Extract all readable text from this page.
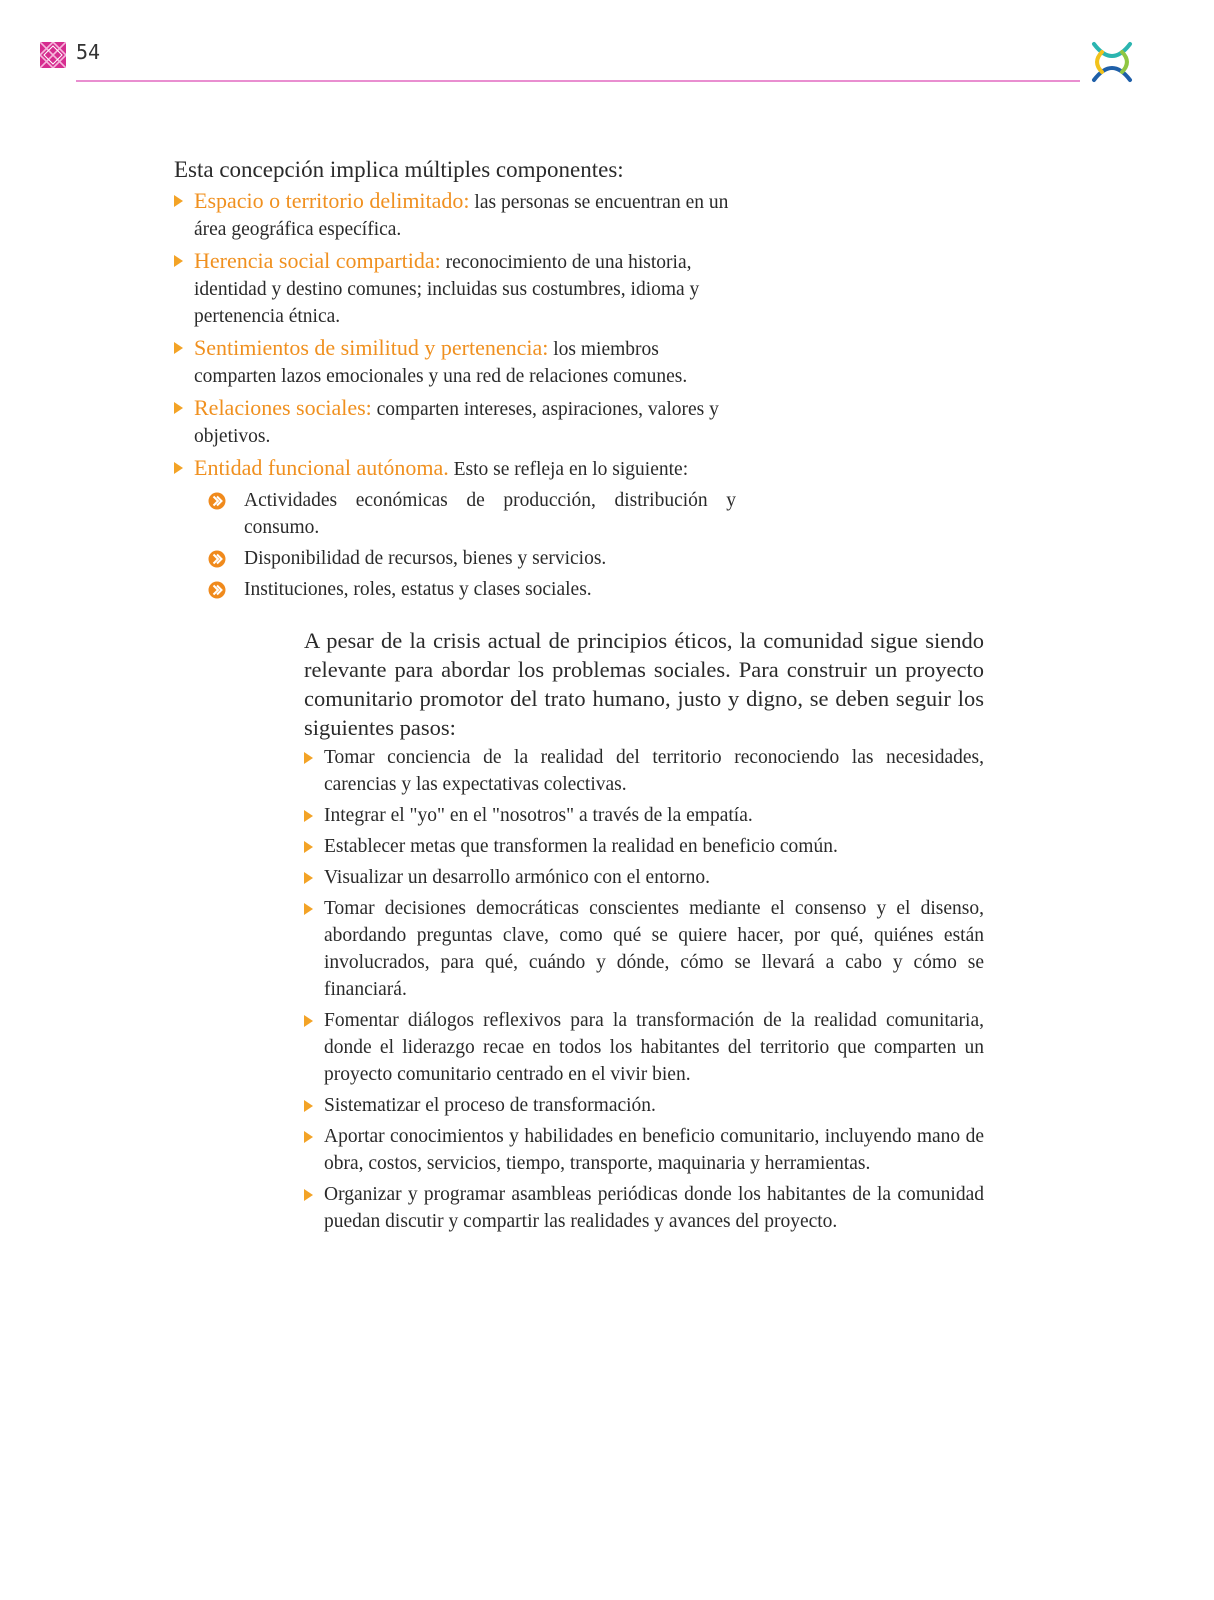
54

Esta concepción implica múltiples componentes:

Espacio o territorio delimitado: las personas se encuentran en un área geográfica específica.
Herencia social compartida: reconocimiento de una historia, identidad y destino comunes; incluidas sus costumbres, idioma y pertenencia étnica.
Sentimientos de similitud y pertenencia: los miembros comparten lazos emocionales y una red de relaciones comunes.
Relaciones sociales: comparten intereses, aspiraciones, valores y objetivos.
Entidad funcional autónoma. Esto se refleja en lo siguiente:
Actividades económicas de producción, distribución y consumo.
Disponibilidad de recursos, bienes y servicios.
Instituciones, roles, estatus y clases sociales.

A pesar de la crisis actual de principios éticos, la comunidad sigue siendo relevante para abordar los problemas sociales. Para construir un proyecto comunitario promotor del trato humano, justo y digno, se deben seguir los siguientes pasos:

Tomar conciencia de la realidad del territorio reconociendo las necesidades, carencias y las expectativas colectivas.
Integrar el "yo" en el "nosotros" a través de la empatía.
Establecer metas que transformen la realidad en beneficio común.
Visualizar un desarrollo armónico con el entorno.
Tomar decisiones democráticas conscientes mediante el consenso y el disenso, abordando preguntas clave, como qué se quiere hacer, por qué, quiénes están involucrados, para qué, cuándo y dónde, cómo se llevará a cabo y cómo se financiará.
Fomentar diálogos reflexivos para la transformación de la realidad comunitaria, donde el liderazgo recae en todos los habitantes del territorio que comparten un proyecto comunitario centrado en el vivir bien.
Sistematizar el proceso de transformación.
Aportar conocimientos y habilidades en beneficio comunitario, incluyendo mano de obra, costos, servicios, tiempo, transporte, maquinaria y herramientas.
Organizar y programar asambleas periódicas donde los habitantes de la comunidad puedan discutir y compartir las realidades y avances del proyecto.
